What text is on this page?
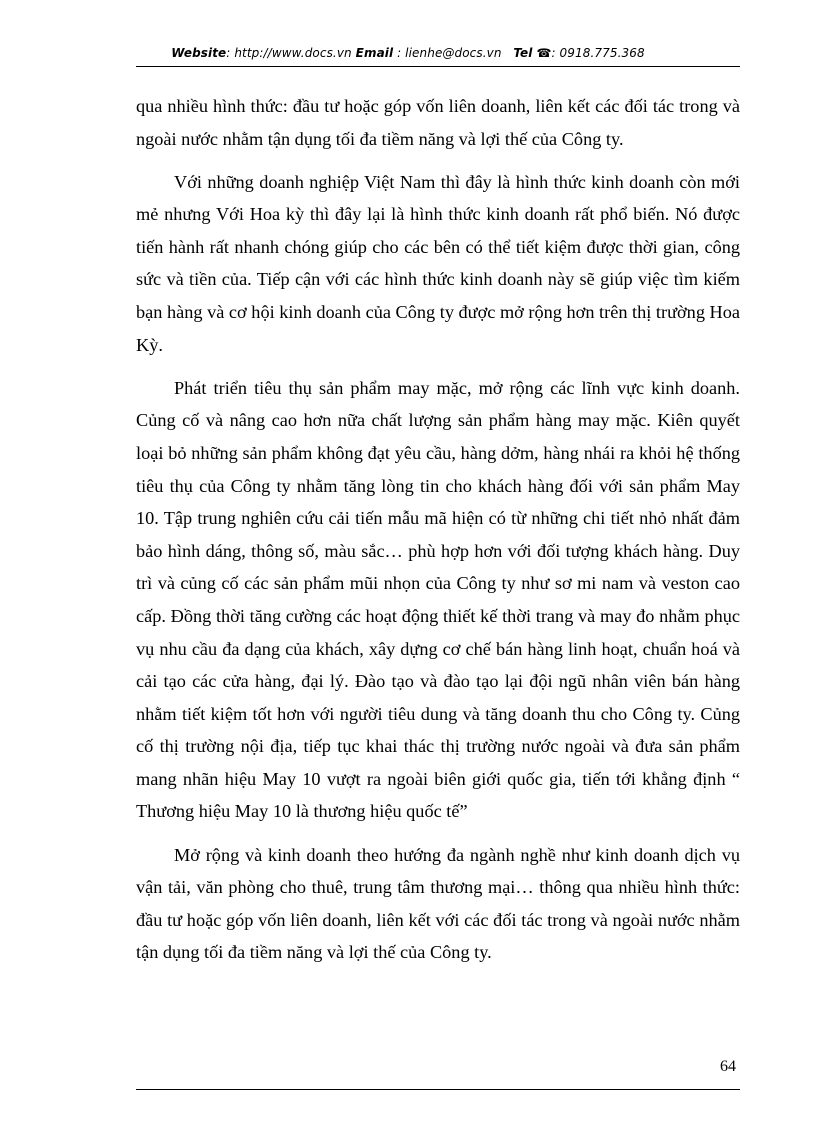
Website: http://www.docs.vn Email : lienhe@docs.vn Tel ☎: 0918.775.368

qua nhiều hình thức: đầu tư hoặc góp vốn liên doanh, liên kết các đối tác trong và ngoài nước nhằm tận dụng tối đa tiềm năng và lợi thế của Công ty.

Với những doanh nghiệp Việt Nam thì đây là hình thức kinh doanh còn mới mẻ nhưng Với Hoa kỳ thì đây lại là hình thức kinh doanh rất phổ biến. Nó được tiến hành rất nhanh chóng giúp cho các bên có thể tiết kiệm được thời gian, công sức và tiền của. Tiếp cận với các hình thức kinh doanh này sẽ giúp việc tìm kiếm bạn hàng và cơ hội kinh doanh của Công ty được mở rộng hơn trên thị trường Hoa Kỳ.

Phát triển tiêu thụ sản phẩm may mặc, mở rộng các lĩnh vực kinh doanh. Củng cố và nâng cao hơn nữa chất lượng sản phẩm hàng may mặc. Kiên quyết loại bỏ những sản phẩm không đạt yêu cầu, hàng dởm, hàng nhái ra khỏi hệ thống tiêu thụ của Công ty nhằm tăng lòng tin cho khách hàng đối với sản phẩm May 10. Tập trung nghiên cứu cải tiến mẫu mã hiện có từ những chi tiết nhỏ nhất đảm bảo hình dáng, thông số, màu sắc… phù hợp hơn với đối tượng khách hàng. Duy trì và củng cố các sản phẩm mũi nhọn của Công ty như sơ mi nam và veston cao cấp. Đồng thời tăng cường các hoạt động thiết kế thời trang và may đo nhằm phục vụ nhu cầu đa dạng của khách, xây dựng cơ chế bán hàng linh hoạt, chuẩn hoá và cải tạo các cửa hàng, đại lý. Đào tạo và đào tạo lại đội ngũ nhân viên bán hàng nhằm tiết kiệm tốt hơn với người tiêu dung và tăng doanh thu cho Công ty. Củng cố thị trường nội địa, tiếp tục khai thác thị trường nước ngoài và đưa sản phẩm mang nhãn hiệu May 10 vượt ra ngoài biên giới quốc gia, tiến tới khẳng định “ Thương hiệu May 10 là thương hiệu quốc tế”

Mở rộng và kinh doanh theo hướng đa ngành nghề như kinh doanh dịch vụ vận tải, văn phòng cho thuê, trung tâm thương mại… thông qua nhiều hình thức: đầu tư hoặc góp vốn liên doanh, liên kết với các đối tác trong và ngoài nước nhằm tận dụng tối đa tiềm năng và lợi thế của Công ty.

64
